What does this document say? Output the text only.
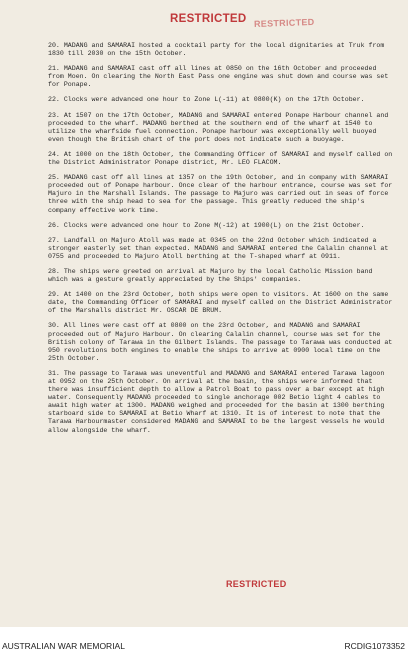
RESTRICTED RESTRICTED

20. MADANG and SAMARAI hosted a cocktail party for the local dignitaries at Truk from 1830 till 2030 on the 15th October.

21. MADANG and SAMARAI cast off all lines at 0850 on the 16th October and proceeded from Moen. On clearing the North East Pass one engine was shut down and course was set for Ponape.

22. Clocks were advanced one hour to Zone L(-11) at 0800(K) on the 17th October.

23. At 1507 on the 17th October, MADANG and SAMARAI entered Ponape Harbour channel and proceeded to the wharf. MADANG berthed at the southern end of the wharf at 1540 to utilize the wharfside fuel connection. Ponape harbour was exceptionally well buoyed even though the British chart of the port does not indicate such a buoyage.

24. At 1000 on the 18th October, the Commanding Officer of SAMARAI and myself called on the District Administrator Ponape district, Mr. LEO FLACOM.

25. MADANG cast off all lines at 1357 on the 19th October, and in company with SAMARAI proceeded out of Ponape harbour. Once clear of the harbour entrance, course was set for Majuro in the Marshall Islands. The passage to Majuro was carried out in seas of force three with the ship head to sea for the passage. This greatly reduced the ship's company effective work time.

26. Clocks were advanced one hour to Zone M(-12) at 1900(L) on the 21st October.

27. Landfall on Majuro Atoll was made at 0345 on the 22nd October which indicated a stronger easterly set than expected. MADANG and SAMARAI entered the Calalin channel at 0755 and proceeded to Majuro Atoll berthing at the T-shaped wharf at 0911.

28. The ships were greeted on arrival at Majuro by the local Catholic Mission band which was a gesture greatly appreciated by the Ships' companies.

29. At 1400 on the 23rd October, both ships were open to visitors. At 1600 on the same date, the Commanding Officer of SAMARAI and myself called on the District Administrator of the Marshalls district Mr. OSCAR DE BRUM.

30. All lines were cast off at 0800 on the 23rd October, and MADANG and SAMARAI proceeded out of Majuro Harbour. On clearing Calalin channel, course was set for the British colony of Tarawa in the Gilbert Islands. The passage to Tarawa was conducted at 950 revolutions both engines to enable the ships to arrive at 0900 local time on the 25th October.

31. The passage to Tarawa was uneventful and MADANG and SAMARAI entered Tarawa lagoon at 0952 on the 25th October. On arrival at the basin, the ships were informed that there was insufficient depth to allow a Patrol Boat to pass over a bar except at high water. Consequently MADANG proceeded to single anchorage 002 Betio light 4 cables to await high water at 1300. MADANG weighed and proceeded for the basin at 1300 berthing starboard side to SAMARAI at Betio Wharf at 1310. It is of interest to note that the Tarawa Harbourmaster considered MADANG and SAMARAI to be the largest vessels he would allow alongside the wharf.

RESTRICTED
AUSTRALIAN WAR MEMORIAL	RCDIG1073352
